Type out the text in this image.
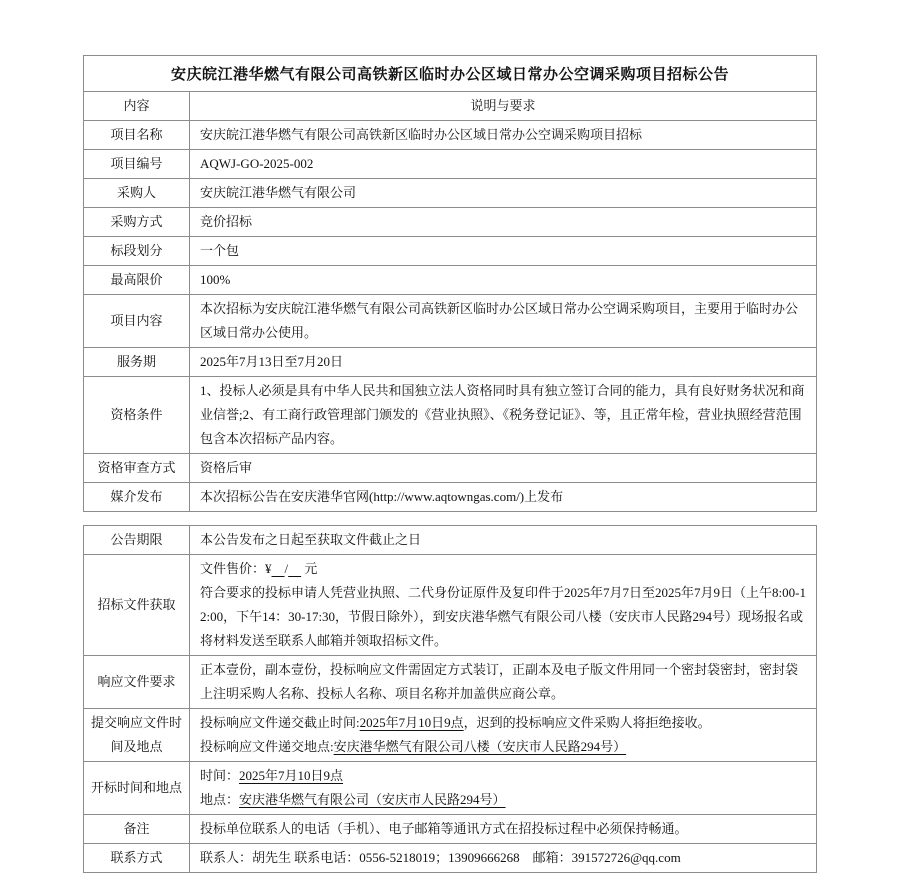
安庆皖江港华燃气有限公司高铁新区临时办公区域日常办公空调采购项目招标公告	
内容	说明与要求
项目名称	安庆皖江港华燃气有限公司高铁新区临时办公区域日常办公空调采购项目招标

项目编号	AQWJ-GO-2025-002

采购人	安庆皖江港华燃气有限公司

采购方式	竞价招标

标段划分	一个包

最高限价	100%

项目内容	本次招标为安庆皖江港华燃气有限公司高铁新区临时办公区域日常办公空调采购项目，主要用于临时办公区域日常办公使用。

服务期	2025年7月13日至7月20日

资格条件	1、投标人必须是具有中华人民共和国独立法人资格同时具有独立签订合同的能力，具有良好财务状况和商业信誉;2、有工商行政管理部门颁发的《营业执照》、《税务登记证》、等，且正常年检，营业执照经营范围包含本次招标产品内容。

资格审查方式	资格后审

媒介发布	本次招标公告在安庆港华官网(http://www.aqtowngas.com/)上发布
公告期限	本公告发布之日起至获取文件截止之日

招标文件获取	文件售价：¥ /     元
符合要求的投标申请人凭营业执照、二代身份证原件及复印件于2025年7月7日至2025年7月9日（上午8:00-12:00，下午14：30-17:30，节假日除外），到安庆港华燃气有限公司八楼（安庆市人民路294号）现场报名或将材料发送至联系人邮箱并领取招标文件。

响应文件要求	正本壹份，副本壹份，投标响应文件需固定方式装订，正副本及电子版文件用同一个密封袋密封，密封袋上注明采购人名称、投标人名称、项目名称并加盖供应商公章。

提交响应文件时间及地点	投标响应文件递交截止时间:2025年7月10日9点，迟到的投标响应文件采购人将拒绝接收。
投标响应文件递交地点:安庆港华燃气有限公司八楼（安庆市人民路294号）

开标时间和地点	时间：2025年7月10日9点
地点：安庆港华燃气有限公司（安庆市人民路294号）

备注	投标单位联系人的电话（手机）、电子邮箱等通讯方式在招投标过程中必须保持畅通。

联系方式	联系人：胡先生 联系电话：0556-5218019；13909666268　邮箱：391572726@qq.com
